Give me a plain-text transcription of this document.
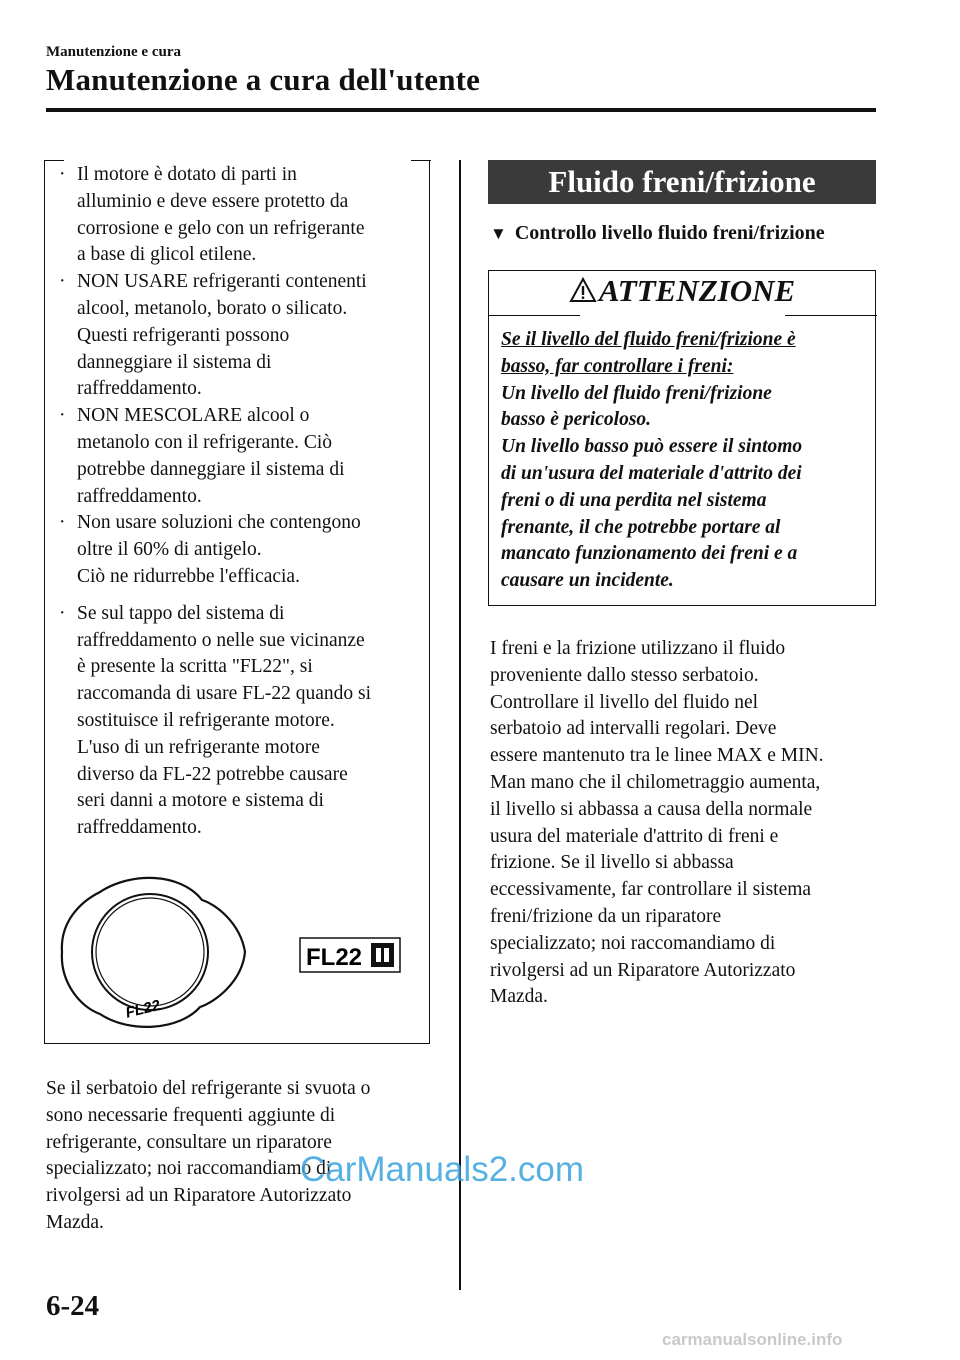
Manutenzione e cura
Manutenzione a cura dell'utente
· Il motore è dotato di parti in
alluminio e deve essere protetto da
corrosione e gelo con un refrigerante
a base di glicol etilene.
· NON USARE refrigeranti contenenti
alcool, metanolo, borato o silicato.
Questi refrigeranti possono
danneggiare il sistema di
raffreddamento.
· NON MESCOLARE alcool o
metanolo con il refrigerante. Ciò
potrebbe danneggiare il sistema di
raffreddamento.
· Non usare soluzioni che contengono
oltre il 60% di antigelo.
Ciò ne ridurrebbe l'efficacia.
· Se sul tappo del sistema di
raffreddamento o nelle sue vicinanze
è presente la scritta "FL22", si
raccomanda di usare FL-22 quando si
sostituisce il refrigerante motore.
L'uso di un refrigerante motore
diverso da FL-22 potrebbe causare
seri danni a motore e sistema di
raffreddamento.
FL22
FL22
Se il serbatoio del refrigerante si svuota o
sono necessarie frequenti aggiunte di
refrigerante, consultare un riparatore
specializzato; noi raccomandiamo di
rivolgersi ad un Riparatore Autorizzato
Mazda.
Fluido freni/frizione
▼ Controllo livello fluido freni/frizione
ATTENZIONE
Se il livello del fluido freni/frizione è
basso, far controllare i freni:
Un livello del fluido freni/frizione
basso è pericoloso.
Un livello basso può essere il sintomo
di un'usura del materiale d'attrito dei
freni o di una perdita nel sistema
frenante, il che potrebbe portare al
mancato funzionamento dei freni e a
causare un incidente.
I freni e la frizione utilizzano il fluido
proveniente dallo stesso serbatoio.
Controllare il livello del fluido nel
serbatoio ad intervalli regolari. Deve
essere mantenuto tra le linee MAX e MIN.
Man mano che il chilometraggio aumenta,
il livello si abbassa a causa della normale
usura del materiale d'attrito di freni e
frizione. Se il livello si abbassa
eccessivamente, far controllare il sistema
freni/frizione da un riparatore
specializzato; noi raccomandiamo di
rivolgersi ad un Riparatore Autorizzato
Mazda.
6-24
CarManuals2.com
carmanualsonline.info
